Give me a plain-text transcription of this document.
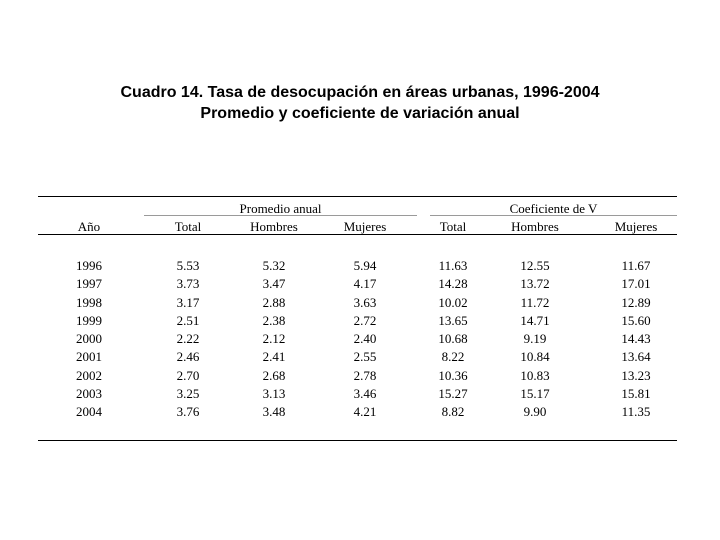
Cuadro 14. Tasa de desocupación en áreas urbanas, 1996-2004
Promedio y coeficiente de variación anual
Promedio anual	Coeficiente de V
Año	Total	Hombres	Mujeres	Total	Hombres	Mujeres
1996	5.53	5.32	5.94	11.63	12.55	11.67
1997	3.73	3.47	4.17	14.28	13.72	17.01
1998	3.17	2.88	3.63	10.02	11.72	12.89
1999	2.51	2.38	2.72	13.65	14.71	15.60
2000	2.22	2.12	2.40	10.68	9.19	14.43
2001	2.46	2.41	2.55	8.22	10.84	13.64
2002	2.70	2.68	2.78	10.36	10.83	13.23
2003	3.25	3.13	3.46	15.27	15.17	15.81
2004	3.76	3.48	4.21	8.82	9.90	11.35
